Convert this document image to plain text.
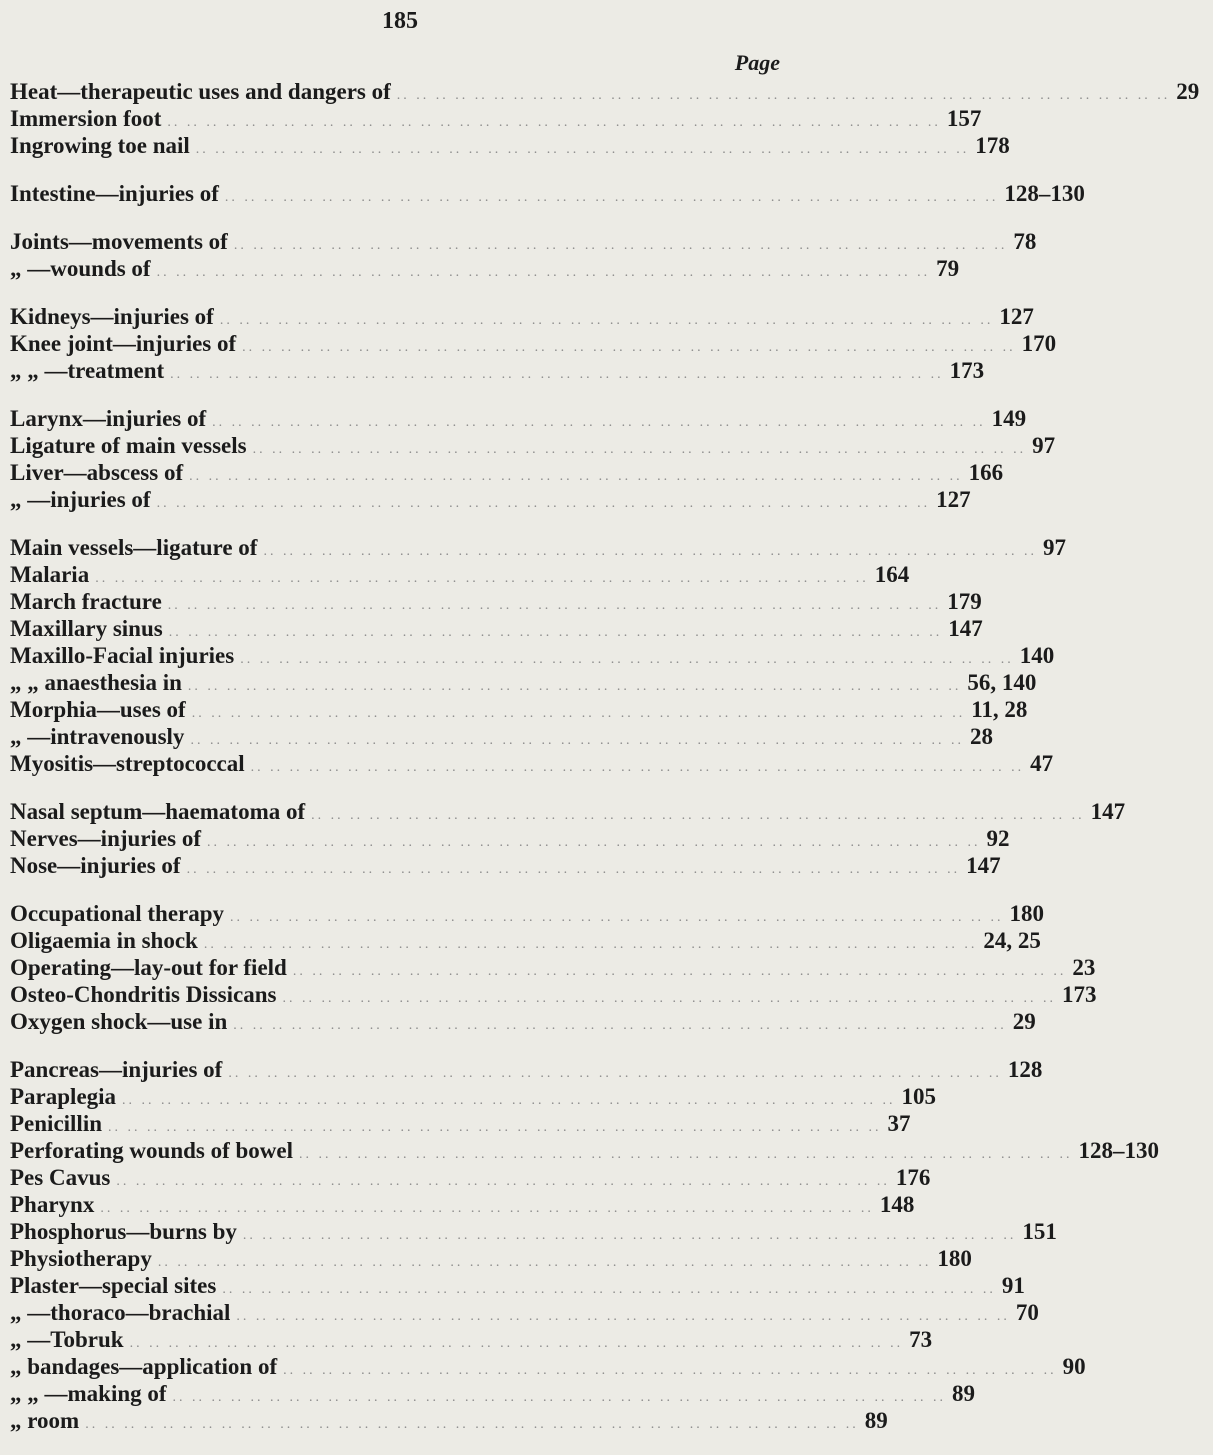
185
Page
Heat—therapeutic uses and dangers of .. .. .. .. .. .. .. .. .. .. .. .. .. .. .. .. .. .. .. .. .. .. .. .. .. .. .. .. .. .. .. .. .. .. .. .. .. .. .. .. 29
Immersion foot .. .. .. .. .. .. .. .. .. .. .. .. .. .. .. .. .. .. .. .. .. .. .. .. .. .. .. .. .. .. .. .. .. .. .. .. .. .. .. .. 157
Ingrowing toe nail .. .. .. .. .. .. .. .. .. .. .. .. .. .. .. .. .. .. .. .. .. .. .. .. .. .. .. .. .. .. .. .. .. .. .. .. .. .. .. .. 178
Intestine—injuries of .. .. .. .. .. .. .. .. .. .. .. .. .. .. .. .. .. .. .. .. .. .. .. .. .. .. .. .. .. .. .. .. .. .. .. .. .. .. .. .. 128–130
Joints—movements of .. .. .. .. .. .. .. .. .. .. .. .. .. .. .. .. .. .. .. .. .. .. .. .. .. .. .. .. .. .. .. .. .. .. .. .. .. .. .. .. 78
„ —wounds of .. .. .. .. .. .. .. .. .. .. .. .. .. .. .. .. .. .. .. .. .. .. .. .. .. .. .. .. .. .. .. .. .. .. .. .. .. .. .. .. 79
Kidneys—injuries of .. .. .. .. .. .. .. .. .. .. .. .. .. .. .. .. .. .. .. .. .. .. .. .. .. .. .. .. .. .. .. .. .. .. .. .. .. .. .. .. 127
Knee joint—injuries of .. .. .. .. .. .. .. .. .. .. .. .. .. .. .. .. .. .. .. .. .. .. .. .. .. .. .. .. .. .. .. .. .. .. .. .. .. .. .. .. 170
„ „ —treatment .. .. .. .. .. .. .. .. .. .. .. .. .. .. .. .. .. .. .. .. .. .. .. .. .. .. .. .. .. .. .. .. .. .. .. .. .. .. .. .. 173
Larynx—injuries of .. .. .. .. .. .. .. .. .. .. .. .. .. .. .. .. .. .. .. .. .. .. .. .. .. .. .. .. .. .. .. .. .. .. .. .. .. .. .. .. 149
Ligature of main vessels .. .. .. .. .. .. .. .. .. .. .. .. .. .. .. .. .. .. .. .. .. .. .. .. .. .. .. .. .. .. .. .. .. .. .. .. .. .. .. .. 97
Liver—abscess of .. .. .. .. .. .. .. .. .. .. .. .. .. .. .. .. .. .. .. .. .. .. .. .. .. .. .. .. .. .. .. .. .. .. .. .. .. .. .. .. 166
„ —injuries of .. .. .. .. .. .. .. .. .. .. .. .. .. .. .. .. .. .. .. .. .. .. .. .. .. .. .. .. .. .. .. .. .. .. .. .. .. .. .. .. 127
Main vessels—ligature of .. .. .. .. .. .. .. .. .. .. .. .. .. .. .. .. .. .. .. .. .. .. .. .. .. .. .. .. .. .. .. .. .. .. .. .. .. .. .. .. 97
Malaria .. .. .. .. .. .. .. .. .. .. .. .. .. .. .. .. .. .. .. .. .. .. .. .. .. .. .. .. .. .. .. .. .. .. .. .. .. .. .. .. 164
March fracture .. .. .. .. .. .. .. .. .. .. .. .. .. .. .. .. .. .. .. .. .. .. .. .. .. .. .. .. .. .. .. .. .. .. .. .. .. .. .. .. 179
Maxillary sinus .. .. .. .. .. .. .. .. .. .. .. .. .. .. .. .. .. .. .. .. .. .. .. .. .. .. .. .. .. .. .. .. .. .. .. .. .. .. .. .. 147
Maxillo-Facial injuries .. .. .. .. .. .. .. .. .. .. .. .. .. .. .. .. .. .. .. .. .. .. .. .. .. .. .. .. .. .. .. .. .. .. .. .. .. .. .. .. 140
„ „ anaesthesia in .. .. .. .. .. .. .. .. .. .. .. .. .. .. .. .. .. .. .. .. .. .. .. .. .. .. .. .. .. .. .. .. .. .. .. .. .. .. .. .. 56, 140
Morphia—uses of .. .. .. .. .. .. .. .. .. .. .. .. .. .. .. .. .. .. .. .. .. .. .. .. .. .. .. .. .. .. .. .. .. .. .. .. .. .. .. .. 11, 28
„ —intravenously .. .. .. .. .. .. .. .. .. .. .. .. .. .. .. .. .. .. .. .. .. .. .. .. .. .. .. .. .. .. .. .. .. .. .. .. .. .. .. .. 28
Myositis—streptococcal .. .. .. .. .. .. .. .. .. .. .. .. .. .. .. .. .. .. .. .. .. .. .. .. .. .. .. .. .. .. .. .. .. .. .. .. .. .. .. .. 47
Nasal septum—haematoma of .. .. .. .. .. .. .. .. .. .. .. .. .. .. .. .. .. .. .. .. .. .. .. .. .. .. .. .. .. .. .. .. .. .. .. .. .. .. .. .. 147
Nerves—injuries of .. .. .. .. .. .. .. .. .. .. .. .. .. .. .. .. .. .. .. .. .. .. .. .. .. .. .. .. .. .. .. .. .. .. .. .. .. .. .. .. 92
Nose—injuries of .. .. .. .. .. .. .. .. .. .. .. .. .. .. .. .. .. .. .. .. .. .. .. .. .. .. .. .. .. .. .. .. .. .. .. .. .. .. .. .. 147
Occupational therapy .. .. .. .. .. .. .. .. .. .. .. .. .. .. .. .. .. .. .. .. .. .. .. .. .. .. .. .. .. .. .. .. .. .. .. .. .. .. .. .. 180
Oligaemia in shock .. .. .. .. .. .. .. .. .. .. .. .. .. .. .. .. .. .. .. .. .. .. .. .. .. .. .. .. .. .. .. .. .. .. .. .. .. .. .. .. 24, 25
Operating—lay-out for field .. .. .. .. .. .. .. .. .. .. .. .. .. .. .. .. .. .. .. .. .. .. .. .. .. .. .. .. .. .. .. .. .. .. .. .. .. .. .. .. 23
Osteo-Chondritis Dissicans .. .. .. .. .. .. .. .. .. .. .. .. .. .. .. .. .. .. .. .. .. .. .. .. .. .. .. .. .. .. .. .. .. .. .. .. .. .. .. .. 173
Oxygen shock—use in .. .. .. .. .. .. .. .. .. .. .. .. .. .. .. .. .. .. .. .. .. .. .. .. .. .. .. .. .. .. .. .. .. .. .. .. .. .. .. .. 29
Pancreas—injuries of .. .. .. .. .. .. .. .. .. .. .. .. .. .. .. .. .. .. .. .. .. .. .. .. .. .. .. .. .. .. .. .. .. .. .. .. .. .. .. .. 128
Paraplegia .. .. .. .. .. .. .. .. .. .. .. .. .. .. .. .. .. .. .. .. .. .. .. .. .. .. .. .. .. .. .. .. .. .. .. .. .. .. .. .. 105
Penicillin .. .. .. .. .. .. .. .. .. .. .. .. .. .. .. .. .. .. .. .. .. .. .. .. .. .. .. .. .. .. .. .. .. .. .. .. .. .. .. .. 37
Perforating wounds of bowel .. .. .. .. .. .. .. .. .. .. .. .. .. .. .. .. .. .. .. .. .. .. .. .. .. .. .. .. .. .. .. .. .. .. .. .. .. .. .. .. 128–130
Pes Cavus .. .. .. .. .. .. .. .. .. .. .. .. .. .. .. .. .. .. .. .. .. .. .. .. .. .. .. .. .. .. .. .. .. .. .. .. .. .. .. .. 176
Pharynx .. .. .. .. .. .. .. .. .. .. .. .. .. .. .. .. .. .. .. .. .. .. .. .. .. .. .. .. .. .. .. .. .. .. .. .. .. .. .. .. 148
Phosphorus—burns by .. .. .. .. .. .. .. .. .. .. .. .. .. .. .. .. .. .. .. .. .. .. .. .. .. .. .. .. .. .. .. .. .. .. .. .. .. .. .. .. 151
Physiotherapy .. .. .. .. .. .. .. .. .. .. .. .. .. .. .. .. .. .. .. .. .. .. .. .. .. .. .. .. .. .. .. .. .. .. .. .. .. .. .. .. 180
Plaster—special sites .. .. .. .. .. .. .. .. .. .. .. .. .. .. .. .. .. .. .. .. .. .. .. .. .. .. .. .. .. .. .. .. .. .. .. .. .. .. .. .. 91
„ —thoraco—brachial .. .. .. .. .. .. .. .. .. .. .. .. .. .. .. .. .. .. .. .. .. .. .. .. .. .. .. .. .. .. .. .. .. .. .. .. .. .. .. .. 70
„ —Tobruk .. .. .. .. .. .. .. .. .. .. .. .. .. .. .. .. .. .. .. .. .. .. .. .. .. .. .. .. .. .. .. .. .. .. .. .. .. .. .. .. 73
„ bandages—application of .. .. .. .. .. .. .. .. .. .. .. .. .. .. .. .. .. .. .. .. .. .. .. .. .. .. .. .. .. .. .. .. .. .. .. .. .. .. .. .. 90
„ „ —making of .. .. .. .. .. .. .. .. .. .. .. .. .. .. .. .. .. .. .. .. .. .. .. .. .. .. .. .. .. .. .. .. .. .. .. .. .. .. .. .. 89
„ room .. .. .. .. .. .. .. .. .. .. .. .. .. .. .. .. .. .. .. .. .. .. .. .. .. .. .. .. .. .. .. .. .. .. .. .. .. .. .. .. 89
